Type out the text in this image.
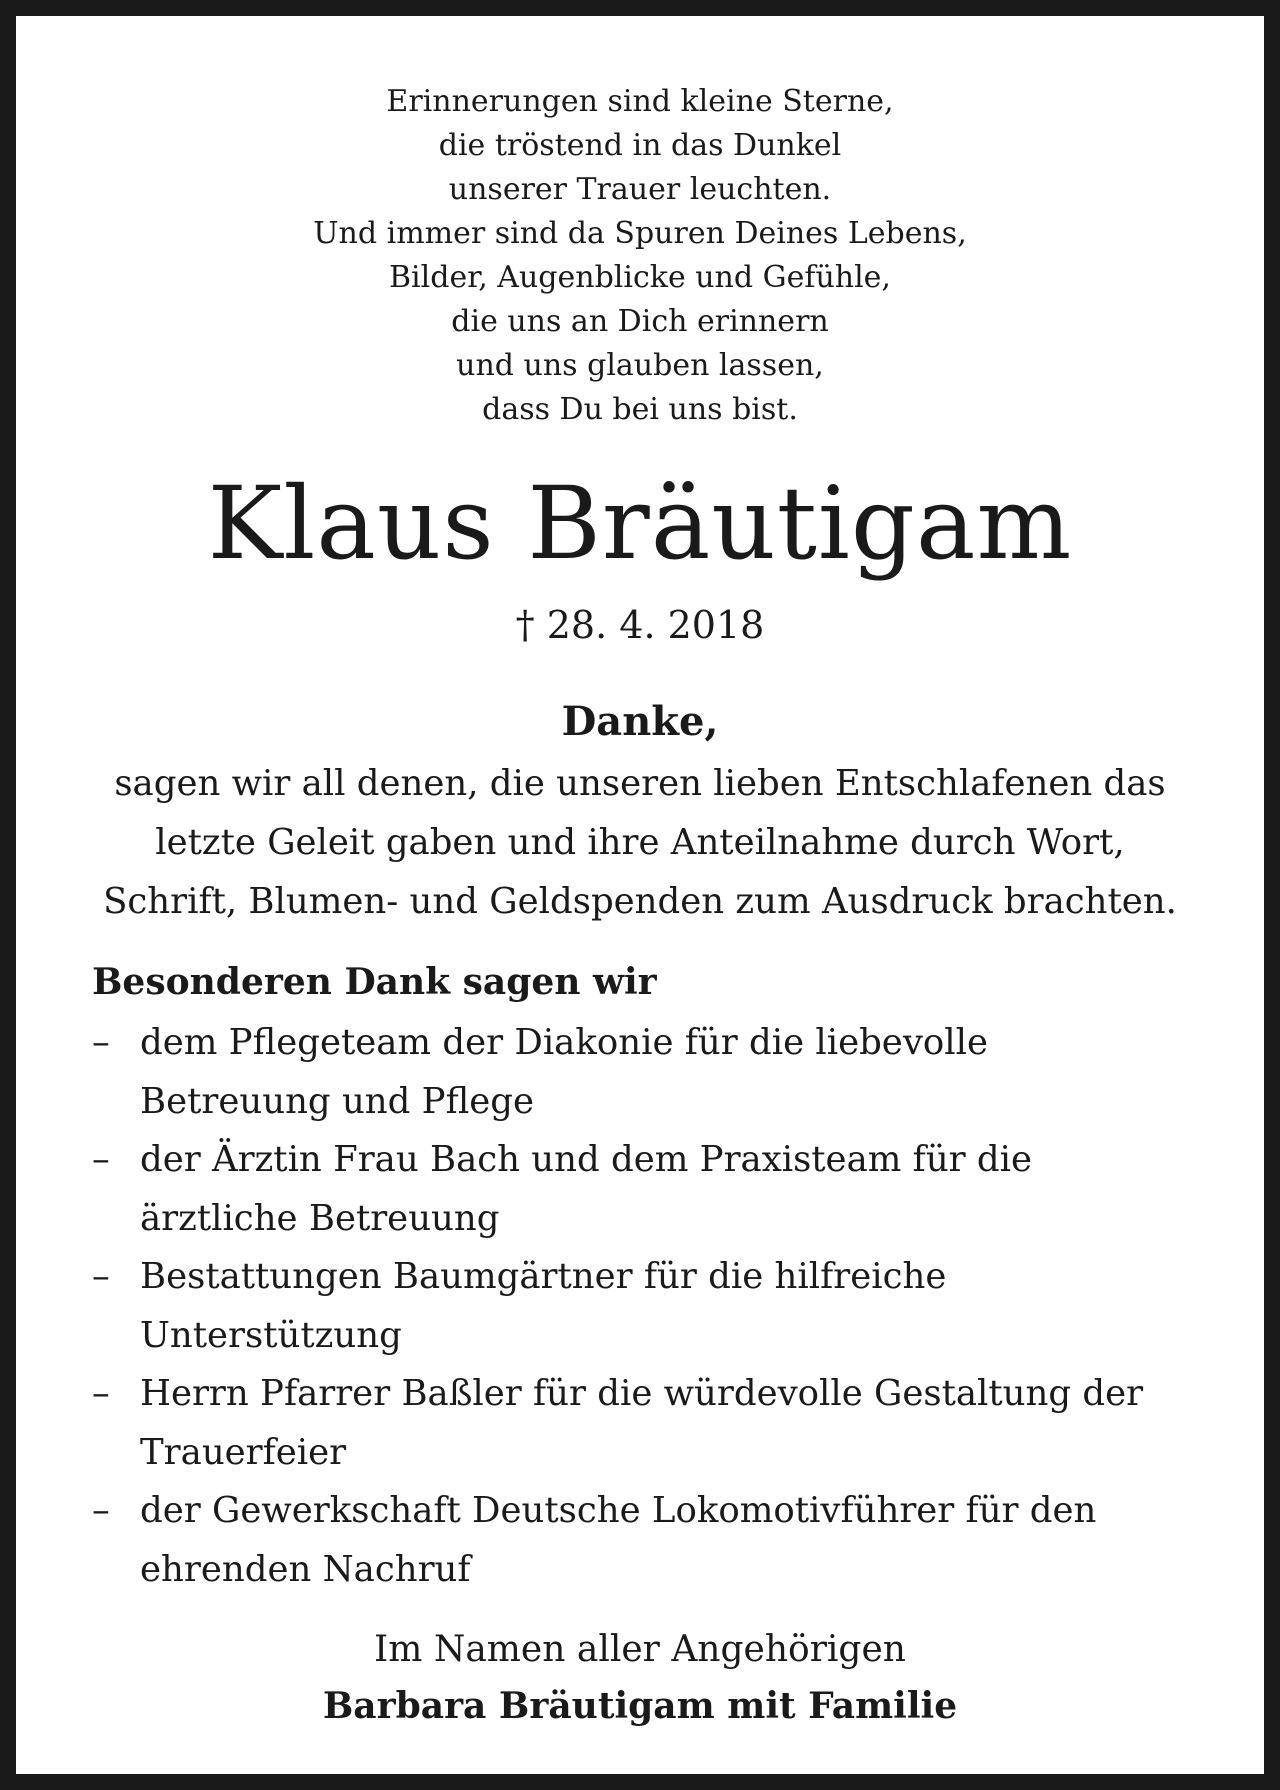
Erinnerungen sind kleine Sterne,
die tröstend in das Dunkel
unserer Trauer leuchten.
Und immer sind da Spuren Deines Lebens,
Bilder, Augenblicke und Gefühle,
die uns an Dich erinnern
und uns glauben lassen,
dass Du bei uns bist.
Klaus Bräutigam
† 28. 4. 2018
Danke,
sagen wir all denen, die unseren lieben Entschlafenen das
letzte Geleit gaben und ihre Anteilnahme durch Wort,
Schrift, Blumen- und Geldspenden zum Ausdruck brachten.
Besonderen Dank sagen wir
– dem Pflegeteam der Diakonie für die liebevolle
Betreuung und Pflege
– der Ärztin Frau Bach und dem Praxisteam für die
ärztliche Betreuung
– Bestattungen Baumgärtner für die hilfreiche
Unterstützung
– Herrn Pfarrer Baßler für die würdevolle Gestaltung der
Trauerfeier
– der Gewerkschaft Deutsche Lokomotivführer für den
ehrenden Nachruf
Im Namen aller Angehörigen
Barbara Bräutigam mit Familie
